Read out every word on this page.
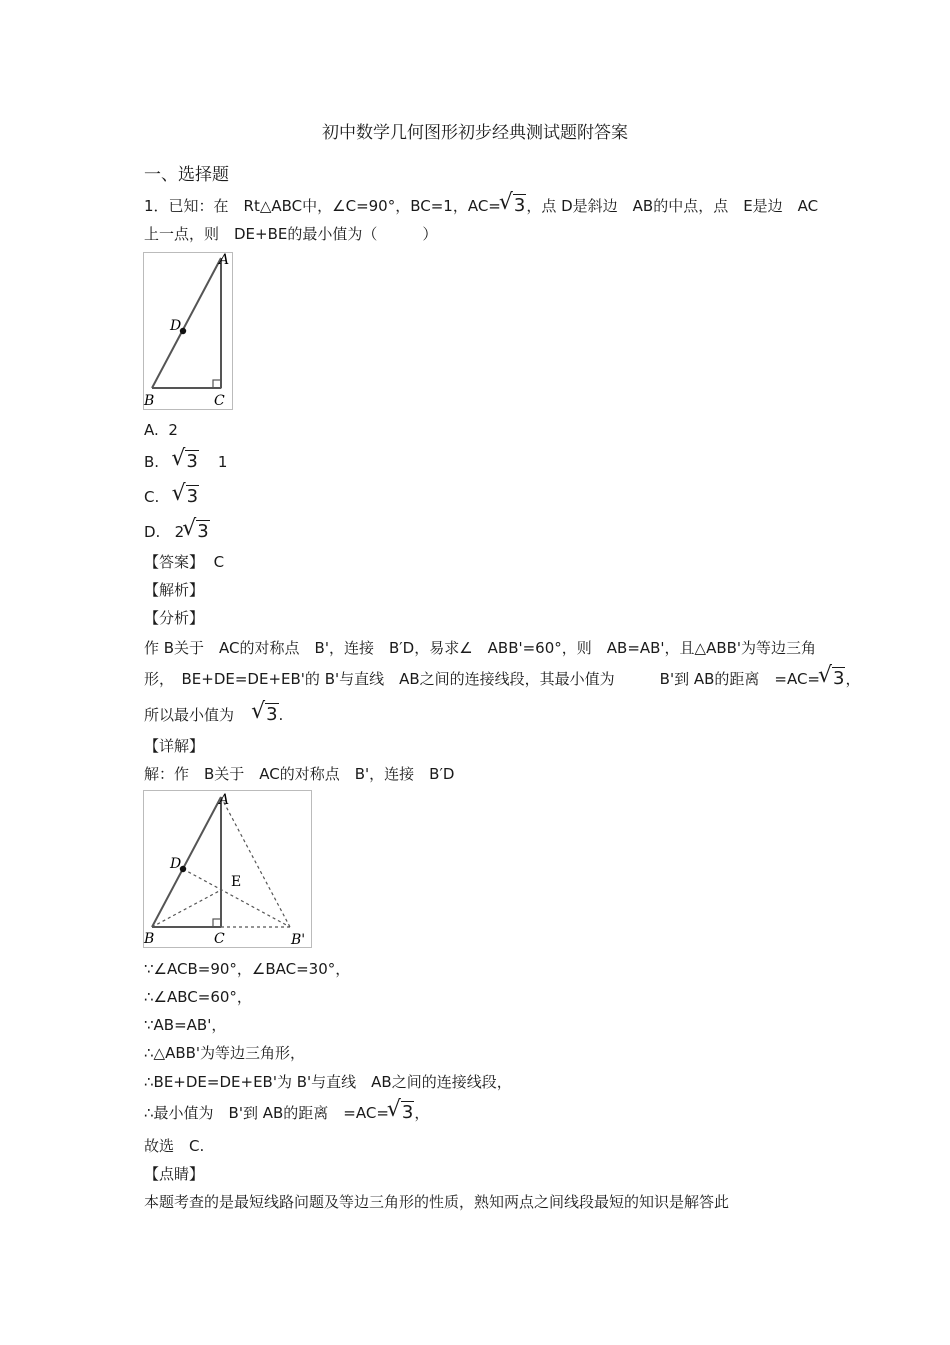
初中数学几何图形初步经典测试题附答案
一、选择题
1．已知：在　Rt△ABC中，∠C=90°，BC=1，AC= √ 3，点 D是斜边　AB的中点，点　E是边　AC
上一点，则　DE+BE的最小值为（　　　）
A
D
B	C
A. 2
B. √ 3 1
C. √ 3
D. 2 √ 3
【答案】 C
【解析】
【分析】
作 B关于　AC的对称点　B'，连接　B′D，易求∠　ABB'=60°，则　AB=AB'，且△ABB'为等边三角
形，　BE+DE=DE+EB'的 B'与直线　AB之间的连接线段，其最小值为　　　B'到 AB的距离　=AC= √ 3，
所以最小值为 √ 3.
【详解】
解：作　B关于　AC的对称点　B'，连接　B′D
A
D
E
B	C	B'
∵∠ACB=90°，∠BAC=30°，
∴∠ABC=60°，
∵AB=AB'，
∴△ABB'为等边三角形，
∴BE+DE=DE+EB'为 B'与直线　AB之间的连接线段，
∴最小值为　B'到 AB的距离　=AC= √ 3，
故选　C.
【点睛】
本题考查的是最短线路问题及等边三角形的性质，熟知两点之间线段最短的知识是解答此
